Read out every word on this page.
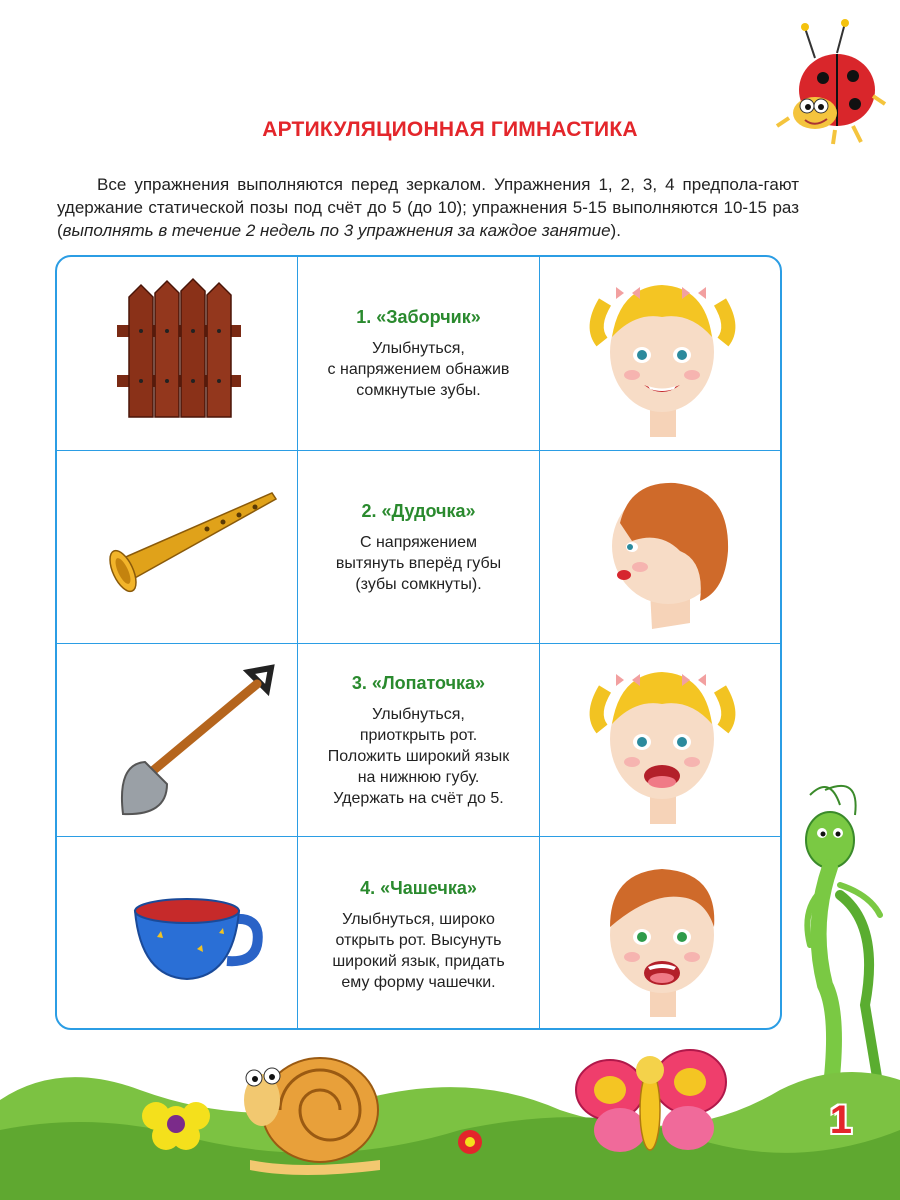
АРТИКУЛЯЦИОННАЯ ГИМНАСТИКА

Все упражнения выполняются перед зеркалом. Упражнения 1, 2, 3, 4 предпола-гают удержание статической позы под счёт до 5 (до 10); упражнения 5-15 выполняются 10-15 раз (выполнять в течение 2 недель по 3 упражнения за каждое занятие).

1. «Заборчик»
Улыбнуться,
с напряжением обнажив
сомкнутые зубы.
2. «Дудочка»
С напряжением
вытянуть вперёд губы
(зубы сомкнуты).
3. «Лопаточка»
Улыбнуться,
приоткрыть рот.
Положить широкий язык
на нижнюю губу.
Удержать на счёт до 5.
4. «Чашечка»
Улыбнуться, широко
открыть рот. Высунуть
широкий язык, придать
ему форму чашечки.
1
